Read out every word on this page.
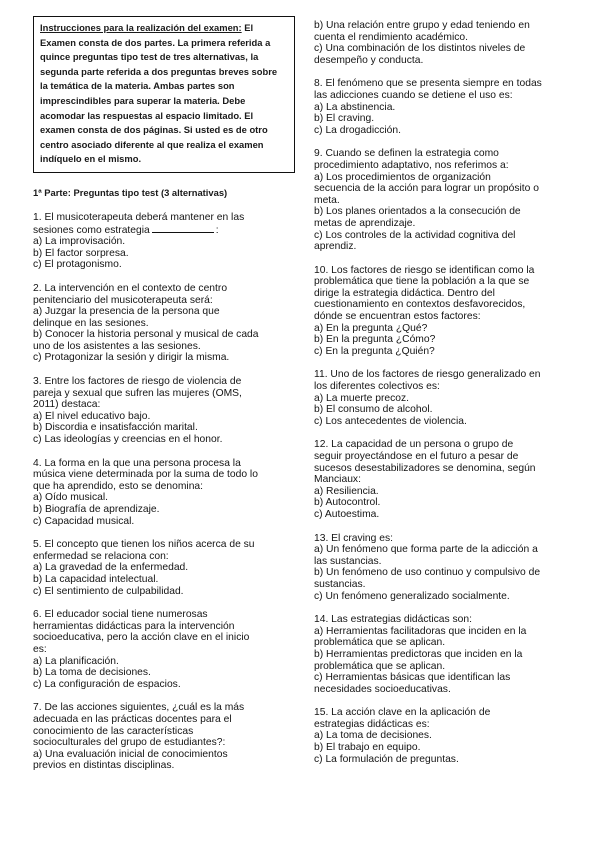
Instrucciones para la realización del examen: El

Examen consta de dos partes. La primera referida a

quince preguntas tipo test de tres alternativas, la

segunda parte referida a dos preguntas breves sobre

la temática de la materia. Ambas partes son

imprescindibles para superar la materia. Debe

acomodar las respuestas al espacio limitado. El

examen consta de dos páginas. Si usted es de otro

centro asociado diferente al que realiza el examen

indíquelo en el mismo.

1ª Parte: Preguntas tipo test (3 alternativas)
1. El musicoterapeuta deberá mantener en las
sesiones como estrategia	:
a) La improvisación.
b) El factor sorpresa.
c) El protagonismo.
2. La intervención en el contexto de centro
penitenciario del musicoterapeuta será:
a) Juzgar la presencia de la persona que
delinque en las sesiones.
b) Conocer la historia personal y musical de cada
uno de los asistentes a las sesiones.
c) Protagonizar la sesión y dirigir la misma.
3. Entre los factores de riesgo de violencia de
pareja y sexual que sufren las mujeres (OMS,
2011) destaca:
a) El nivel educativo bajo.
b) Discordia e insatisfacción marital.
c) Las ideologías y creencias en el honor.
4. La forma en la que una persona procesa la
música viene determinada por la suma de todo lo
que ha aprendido, esto se denomina:
a) Oído musical.
b) Biografía de aprendizaje.
c) Capacidad musical.
5. El concepto que tienen los niños acerca de su
enfermedad se relaciona con:
a) La gravedad de la enfermedad.
b) La capacidad intelectual.
c) El sentimiento de culpabilidad.
6. El educador social tiene numerosas
herramientas didácticas para la intervención
socioeducativa, pero la acción clave en el inicio
es:
a) La planificación.
b) La toma de decisiones.
c) La configuración de espacios.
7. De las acciones siguientes, ¿cuál es la más
adecuada en las prácticas docentes para el
conocimiento de las características
socioculturales del grupo de estudiantes?:
a) Una evaluación inicial de conocimientos
previos en distintas disciplinas.
b) Una relación entre grupo y edad teniendo en
cuenta el rendimiento académico.
c) Una combinación de los distintos niveles de
desempeño y conducta.
8. El fenómeno que se presenta siempre en todas
las adicciones cuando se detiene el uso es:
a) La abstinencia.
b) El craving.
c) La drogadicción.
9. Cuando se definen la estrategia como
procedimiento adaptativo, nos referimos a:
a) Los procedimientos de organización
secuencia de la acción para lograr un propósito o
meta.
b) Los planes orientados a la consecución de
metas de aprendizaje.
c) Los controles de la actividad cognitiva del
aprendiz.
10. Los factores de riesgo se identifican como la
problemática que tiene la población a la que se
dirige la estrategia didáctica. Dentro del
cuestionamiento en contextos desfavorecidos,
dónde se encuentran estos factores:
a) En la pregunta ¿Qué?
b) En la pregunta ¿Cómo?
c) En la pregunta ¿Quién?
11. Uno de los factores de riesgo generalizado en
los diferentes colectivos es:
a) La muerte precoz.
b) El consumo de alcohol.
c) Los antecedentes de violencia.
12. La capacidad de un persona o grupo de
seguir proyectándose en el futuro a pesar de
sucesos desestabilizadores se denomina, según
Manciaux:
a) Resiliencia.
b) Autocontrol.
c) Autoestima.
13. El craving es:
a) Un fenómeno que forma parte de la adicción a
las sustancias.
b) Un fenómeno de uso continuo y compulsivo de
sustancias.
c) Un fenómeno generalizado socialmente.
14. Las estrategias didácticas son:
a) Herramientas facilitadoras que inciden en la
problemática que se aplican.
b) Herramientas predictoras que inciden en la
problemática que se aplican.
c) Herramientas básicas que identifican las
necesidades socioeducativas.
15. La acción clave en la aplicación de
estrategias didácticas es:
a) La toma de decisiones.
b) El trabajo en equipo.
c) La formulación de preguntas.
